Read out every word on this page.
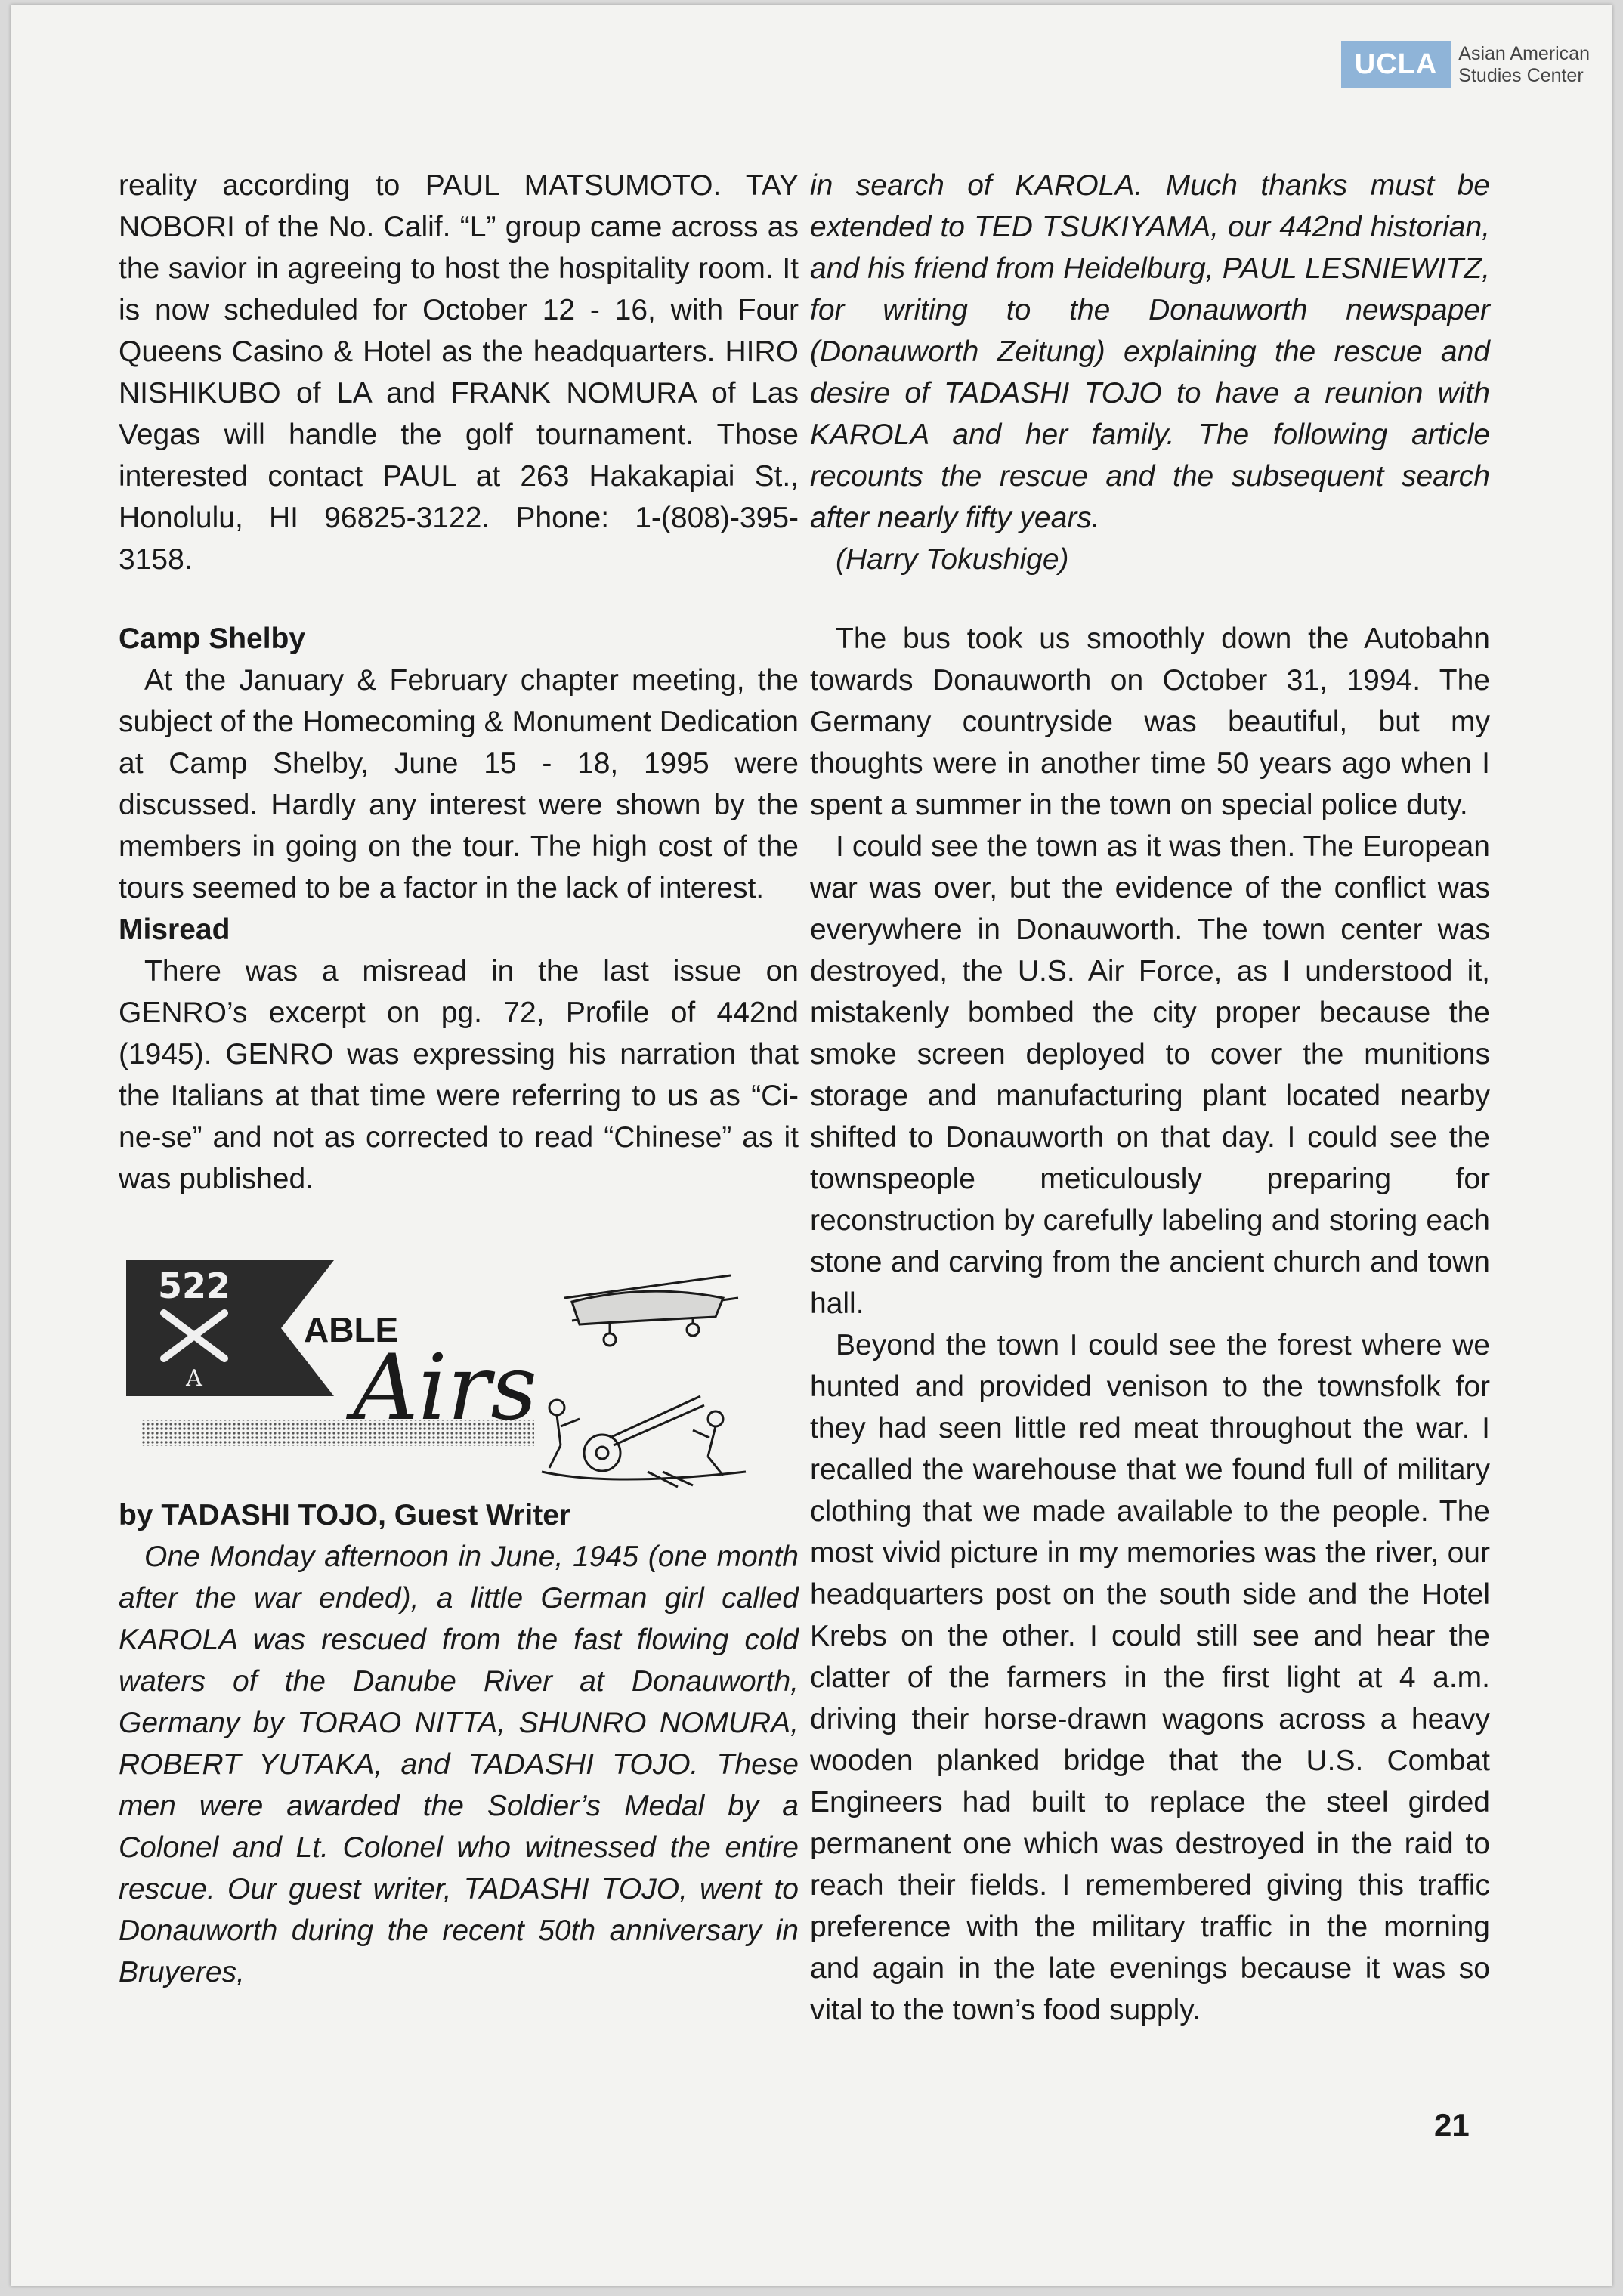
UCLA	Asian American
Studies Center

reality according to PAUL MATSUMOTO. TAY NOBORI of the No. Calif. “L” group came across as the savior in agreeing to host the hospitality room. It is now scheduled for October 12 - 16, with Four Queens Casino & Hotel as the headquarters. HIRO NISHIKUBO of LA and FRANK NOMURA of Las Vegas will handle the golf tournament. Those interested contact PAUL at 263 Hakakapiai St., Honolulu, HI 96825-3122. Phone: 1-(808)-395-3158.

Camp Shelby

At the January & February chapter meeting, the subject of the Homecoming & Monument Dedication at Camp Shelby, June 15 - 18, 1995 were discussed. Hardly any interest were shown by the members in going on the tour. The high cost of the tours seemed to be a factor in the lack of interest.

Misread

There was a misread in the last issue on GENRO’s excerpt on pg. 72, Profile of 442nd (1945). GENRO was expressing his narration that the Italians at that time were referring to us as “Ci-ne-se” and not as corrected to read “Chinese” as it was published.

522
A
ABLE
Airs

by TADASHI TOJO, Guest Writer

One Monday afternoon in June, 1945 (one month after the war ended), a little German girl called KAROLA was rescued from the fast flowing cold waters of the Danube River at Donauworth, Germany by TORAO NITTA, SHUNRO NOMURA, ROBERT YUTAKA, and TADASHI TOJO. These men were awarded the Soldier’s Medal by a Colonel and Lt. Colonel who witnessed the entire rescue. Our guest writer, TADASHI TOJO, went to Donauworth during the recent 50th anniversary in Bruyeres,

in search of KAROLA. Much thanks must be extended to TED TSUKIYAMA, our 442nd historian, and his friend from Heidelburg, PAUL LESNIEWITZ, for writing to the Donauworth newspaper (Donauworth Zeitung) explaining the rescue and desire of TADASHI TOJO to have a reunion with KAROLA and her family. The following article recounts the rescue and the subsequent search after nearly fifty years.

(Harry Tokushige)

The bus took us smoothly down the Autobahn towards Donauworth on October 31, 1994. The Germany countryside was beautiful, but my thoughts were in another time 50 years ago when I spent a summer in the town on special police duty.

I could see the town as it was then. The European war was over, but the evidence of the conflict was everywhere in Donauworth. The town center was destroyed, the U.S. Air Force, as I understood it, mistakenly bombed the city proper because the smoke screen deployed to cover the munitions storage and manufacturing plant located nearby shifted to Donauworth on that day. I could see the townspeople meticulously preparing for reconstruction by carefully labeling and storing each stone and carving from the ancient church and town hall.

Beyond the town I could see the forest where we hunted and provided venison to the townsfolk for they had seen little red meat throughout the war. I recalled the warehouse that we found full of military clothing that we made available to the people. The most vivid picture in my memories was the river, our headquarters post on the south side and the Hotel Krebs on the other. I could still see and hear the clatter of the farmers in the first light at 4 a.m. driving their horse-drawn wagons across a heavy wooden planked bridge that the U.S. Combat Engineers had built to replace the steel girded permanent one which was destroyed in the raid to reach their fields. I remembered giving this traffic preference with the military traffic in the morning and again in the late evenings because it was so vital to the town’s food supply.

21
